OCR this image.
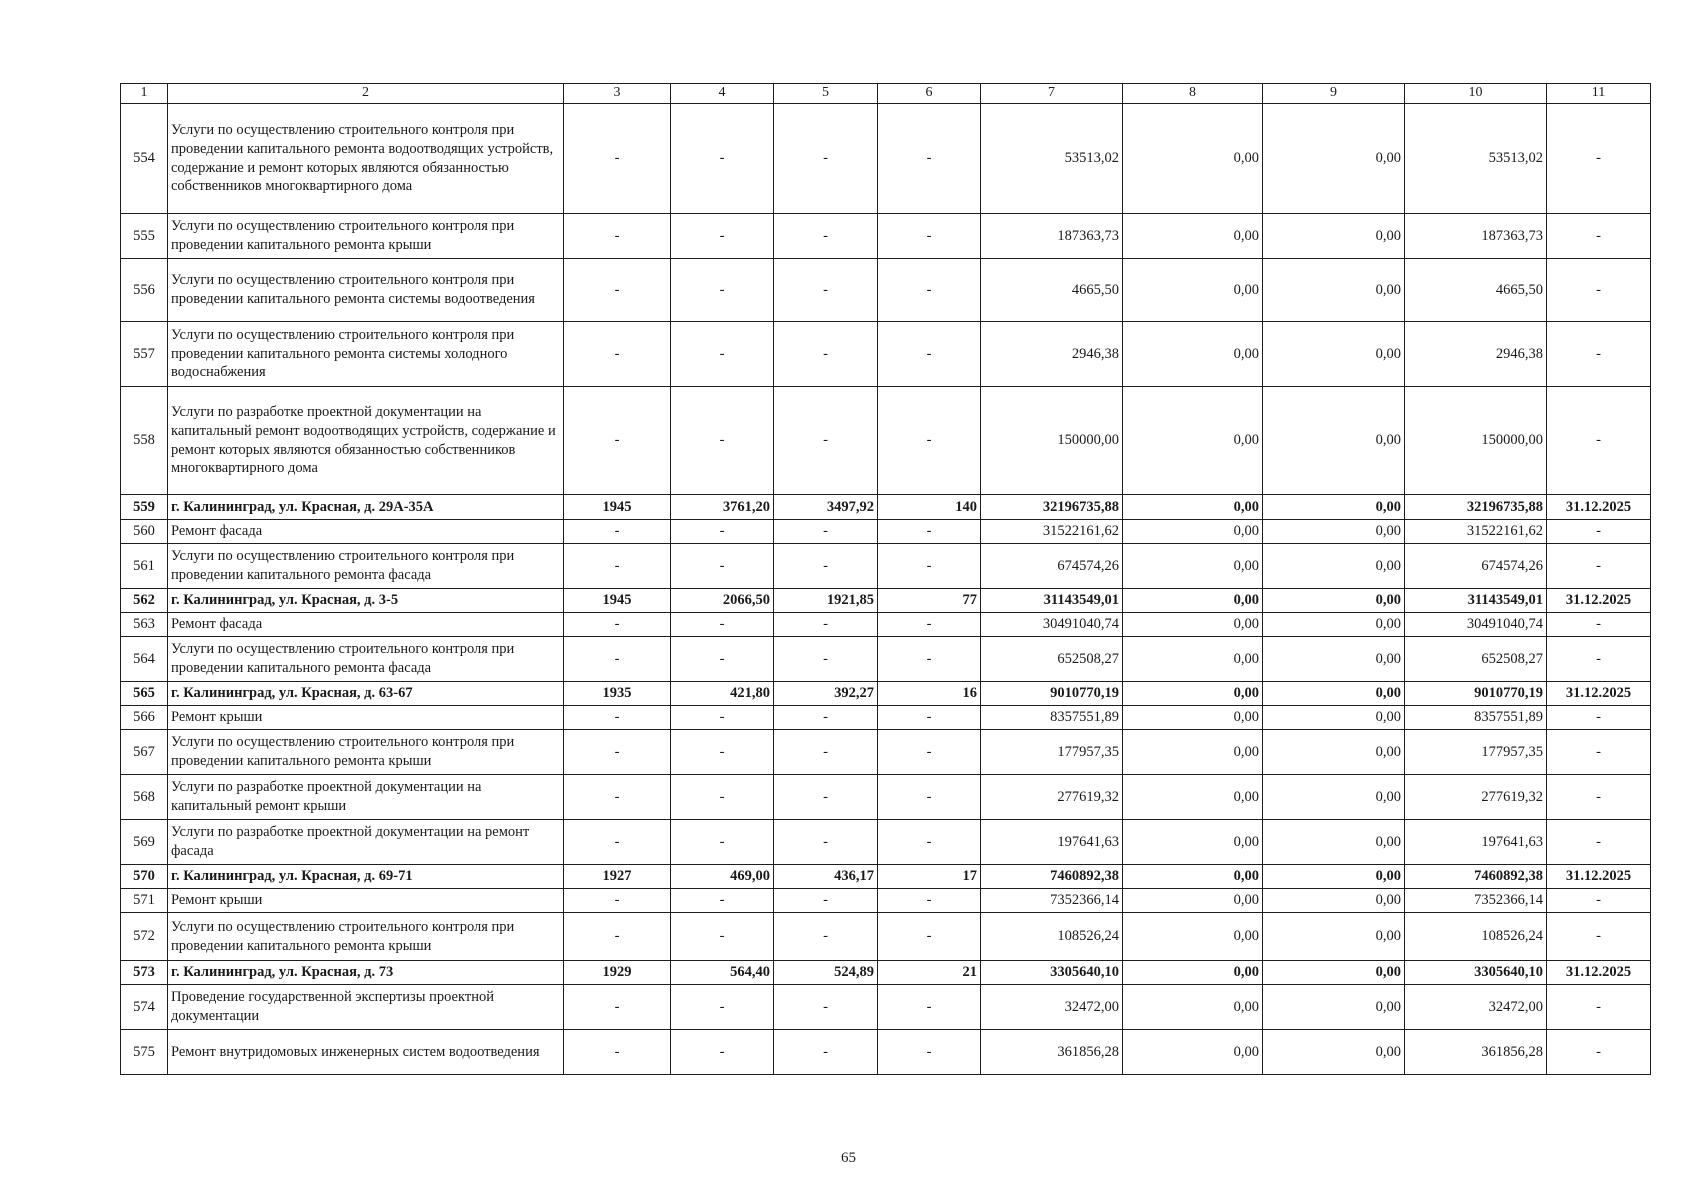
1	2	3	4	5	6	7	8	9	10	11
554	Услуги по осуществлению строительного контроля при проведении капитального ремонта водоотводящих устройств, содержание и ремонт которых являются обязанностью собственников многоквартирного дома	-	-	-	-	53513,02	0,00	0,00	53513,02	-
555	Услуги по осуществлению строительного контроля при проведении капитального ремонта крыши	-	-	-	-	187363,73	0,00	0,00	187363,73	-
556	Услуги по осуществлению строительного контроля при проведении капитального ремонта системы водоотведения	-	-	-	-	4665,50	0,00	0,00	4665,50	-
557	Услуги по осуществлению строительного контроля при проведении капитального ремонта системы холодного водоснабжения	-	-	-	-	2946,38	0,00	0,00	2946,38	-
558	Услуги по разработке проектной документации на капитальный ремонт водоотводящих устройств, содержание и ремонт которых являются обязанностью собственников многоквартирного дома	-	-	-	-	150000,00	0,00	0,00	150000,00	-
559	г. Калининград, ул. Красная, д. 29А-35А	1945	3761,20	3497,92	140	32196735,88	0,00	0,00	32196735,88	31.12.2025
560	Ремонт фасада	-	-	-	-	31522161,62	0,00	0,00	31522161,62	-
561	Услуги по осуществлению строительного контроля при проведении капитального ремонта фасада	-	-	-	-	674574,26	0,00	0,00	674574,26	-
562	г. Калининград, ул. Красная, д. 3-5	1945	2066,50	1921,85	77	31143549,01	0,00	0,00	31143549,01	31.12.2025
563	Ремонт фасада	-	-	-	-	30491040,74	0,00	0,00	30491040,74	-
564	Услуги по осуществлению строительного контроля при проведении капитального ремонта фасада	-	-	-	-	652508,27	0,00	0,00	652508,27	-
565	г. Калининград, ул. Красная, д. 63-67	1935	421,80	392,27	16	9010770,19	0,00	0,00	9010770,19	31.12.2025
566	Ремонт крыши	-	-	-	-	8357551,89	0,00	0,00	8357551,89	-
567	Услуги по осуществлению строительного контроля при проведении капитального ремонта крыши	-	-	-	-	177957,35	0,00	0,00	177957,35	-
568	Услуги по разработке проектной документации на капитальный ремонт крыши	-	-	-	-	277619,32	0,00	0,00	277619,32	-
569	Услуги по разработке проектной документации на ремонт фасада	-	-	-	-	197641,63	0,00	0,00	197641,63	-
570	г. Калининград, ул. Красная, д. 69-71	1927	469,00	436,17	17	7460892,38	0,00	0,00	7460892,38	31.12.2025
571	Ремонт крыши	-	-	-	-	7352366,14	0,00	0,00	7352366,14	-
572	Услуги по осуществлению строительного контроля при проведении капитального ремонта крыши	-	-	-	-	108526,24	0,00	0,00	108526,24	-
573	г. Калининград, ул. Красная, д. 73	1929	564,40	524,89	21	3305640,10	0,00	0,00	3305640,10	31.12.2025
574	Проведение государственной экспертизы проектной документации	-	-	-	-	32472,00	0,00	0,00	32472,00	-
575	Ремонт внутридомовых инженерных систем водоотведения	-	-	-	-	361856,28	0,00	0,00	361856,28	-
65
